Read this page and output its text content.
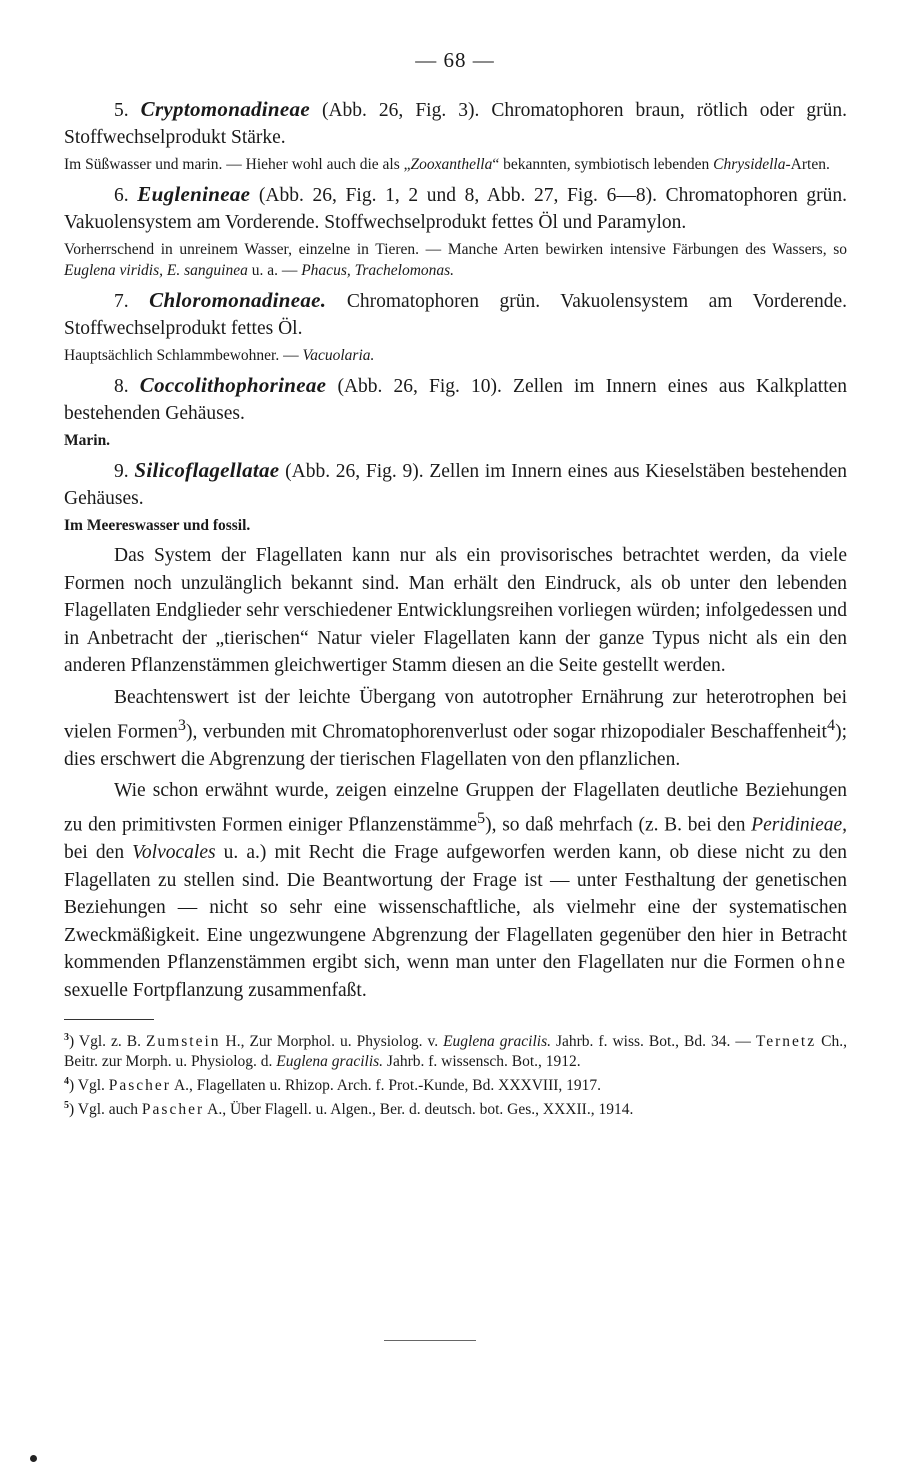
— 68 —

5. Cryptomonadineae (Abb. 26, Fig. 3). Chromatophoren braun, rötlich oder grün. Stoffwechselprodukt Stärke.

Im Süßwasser und marin. — Hieher wohl auch die als „Zooxanthella“ bekannten, symbiotisch lebenden Chrysidella-Arten.

6. Euglenineae (Abb. 26, Fig. 1, 2 und 8, Abb. 27, Fig. 6—8). Chromatophoren grün. Vakuolensystem am Vorderende. Stoffwechselprodukt fettes Öl und Paramylon.

Vorherrschend in unreinem Wasser, einzelne in Tieren. — Manche Arten bewirken intensive Färbungen des Wassers, so Euglena viridis, E. sanguinea u. a. — Phacus, Trachelomonas.

7. Chloromonadineae. Chromatophoren grün. Vakuolensystem am Vorderende. Stoffwechselprodukt fettes Öl.

Hauptsächlich Schlammbewohner. — Vacuolaria.

8. Coccolithophorineae (Abb. 26, Fig. 10). Zellen im Innern eines aus Kalkplatten bestehenden Gehäuses.

Marin.

9. Silicoflagellatae (Abb. 26, Fig. 9). Zellen im Innern eines aus Kieselstäben bestehenden Gehäuses.

Im Meereswasser und fossil.

Das System der Flagellaten kann nur als ein provisorisches betrachtet werden, da viele Formen noch unzulänglich bekannt sind. Man erhält den Eindruck, als ob unter den lebenden Flagellaten Endglieder sehr verschiedener Entwicklungsreihen vorliegen würden; infolgedessen und in Anbetracht der „tierischen“ Natur vieler Flagellaten kann der ganze Typus nicht als ein den anderen Pflanzenstämmen gleichwertiger Stamm diesen an die Seite gestellt werden.

Beachtenswert ist der leichte Übergang von autotropher Ernährung zur heterotrophen bei vielen Formen$^3$), verbunden mit Chromatophorenverlust oder sogar rhizopodialer Beschaffenheit$^4$); dies erschwert die Abgrenzung der tierischen Flagellaten von den pflanzlichen.

Wie schon erwähnt wurde, zeigen einzelne Gruppen der Flagellaten deutliche Beziehungen zu den primitivsten Formen einiger Pflanzenstämme$^5$), so daß mehrfach (z. B. bei den Peridinieae, bei den Volvocales u. a.) mit Recht die Frage aufgeworfen werden kann, ob diese nicht zu den Flagellaten zu stellen sind. Die Beantwortung der Frage ist — unter Festhaltung der genetischen Beziehungen — nicht so sehr eine wissenschaftliche, als vielmehr eine der systematischen Zweckmäßigkeit. Eine ungezwungene Abgrenzung der Flagellaten gegenüber den hier in Betracht kommenden Pflanzenstämmen ergibt sich, wenn man unter den Flagellaten nur die Formen ohne sexuelle Fortpflanzung zusammenfaßt.

$^3$) Vgl. z. B. Zumstein H., Zur Morphol. u. Physiolog. v. Euglena gracilis. Jahrb. f. wiss. Bot., Bd. 34. — Ternetz Ch., Beitr. zur Morph. u. Physiolog. d. Euglena gracilis. Jahrb. f. wissensch. Bot., 1912.

$^4$) Vgl. Pascher A., Flagellaten u. Rhizop. Arch. f. Prot.-Kunde, Bd. XXXVIII, 1917.

$^5$) Vgl. auch Pascher A., Über Flagell. u. Algen., Ber. d. deutsch. bot. Ges., XXXII., 1914.
